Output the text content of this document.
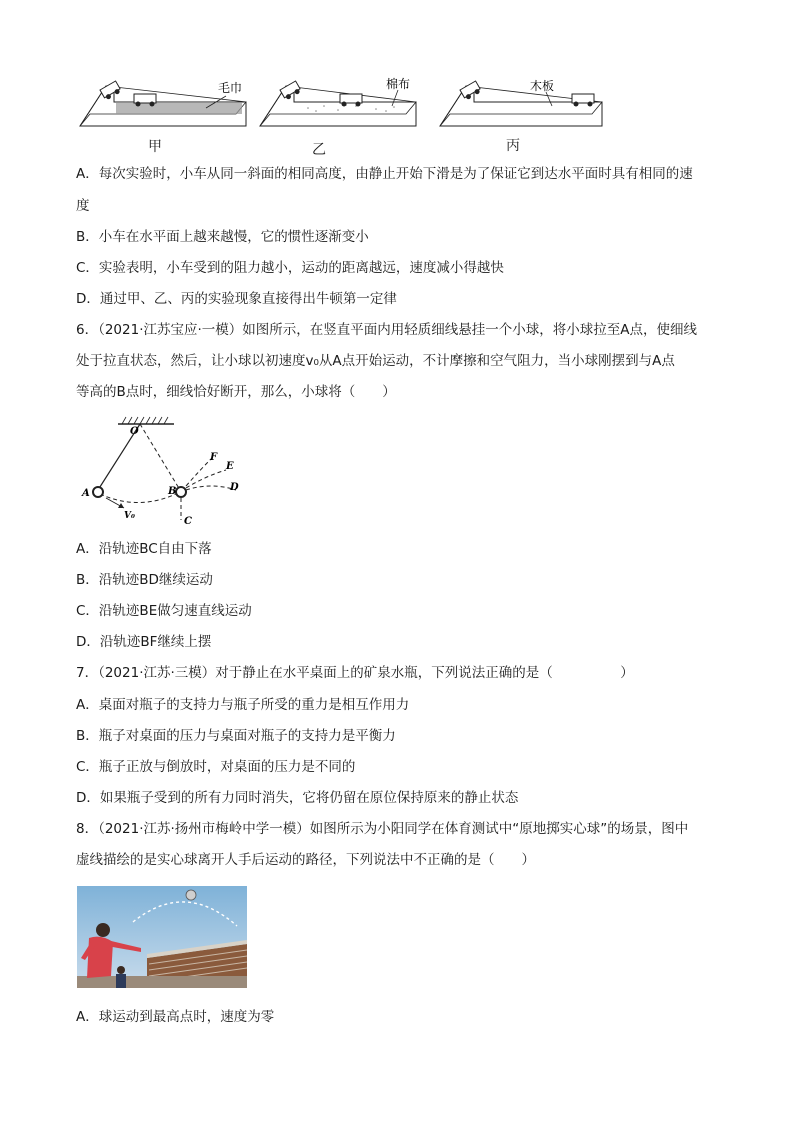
毛巾	棉布	木板
甲	乙	丙
A．每次实验时，小车从同一斜面的相同高度，由静止开始下滑是为了保证它到达水平面时具有相同的速
度
B．小车在水平面上越来越慢，它的惯性逐渐变小
C．实验表明，小车受到的阻力越小，运动的距离越远，速度减小得越快
D．通过甲、乙、丙的实验现象直接得出牛顿第一定律
6．（2021·江苏宝应·一模）如图所示，在竖直平面内用轻质细线悬挂一个小球，将小球拉至A点，使细线
处于拉直状态，然后，让小球以初速度v₀从A点开始运动，不计摩擦和空气阻力，当小球刚摆到与A点
等高的B点时，细线恰好断开，那么，小球将（　　）
O
A	B
C
D
E
F
V₀
A．沿轨迹BC自由下落
B．沿轨迹BD继续运动
C．沿轨迹BE做匀速直线运动
D．沿轨迹BF继续上摆
7．（2021·江苏·三模）对于静止在水平桌面上的矿泉水瓶，下列说法正确的是（　　　　　）
A．桌面对瓶子的支持力与瓶子所受的重力是相互作用力
B．瓶子对桌面的压力与桌面对瓶子的支持力是平衡力
C．瓶子正放与倒放时，对桌面的压力是不同的
D．如果瓶子受到的所有力同时消失，它将仍留在原位保持原来的静止状态
8．（2021·江苏·扬州市梅岭中学一模）如图所示为小阳同学在体育测试中“原地掷实心球”的场景，图中
虚线描绘的是实心球离开人手后运动的路径，下列说法中不正确的是（　　）
A．球运动到最高点时，速度为零
